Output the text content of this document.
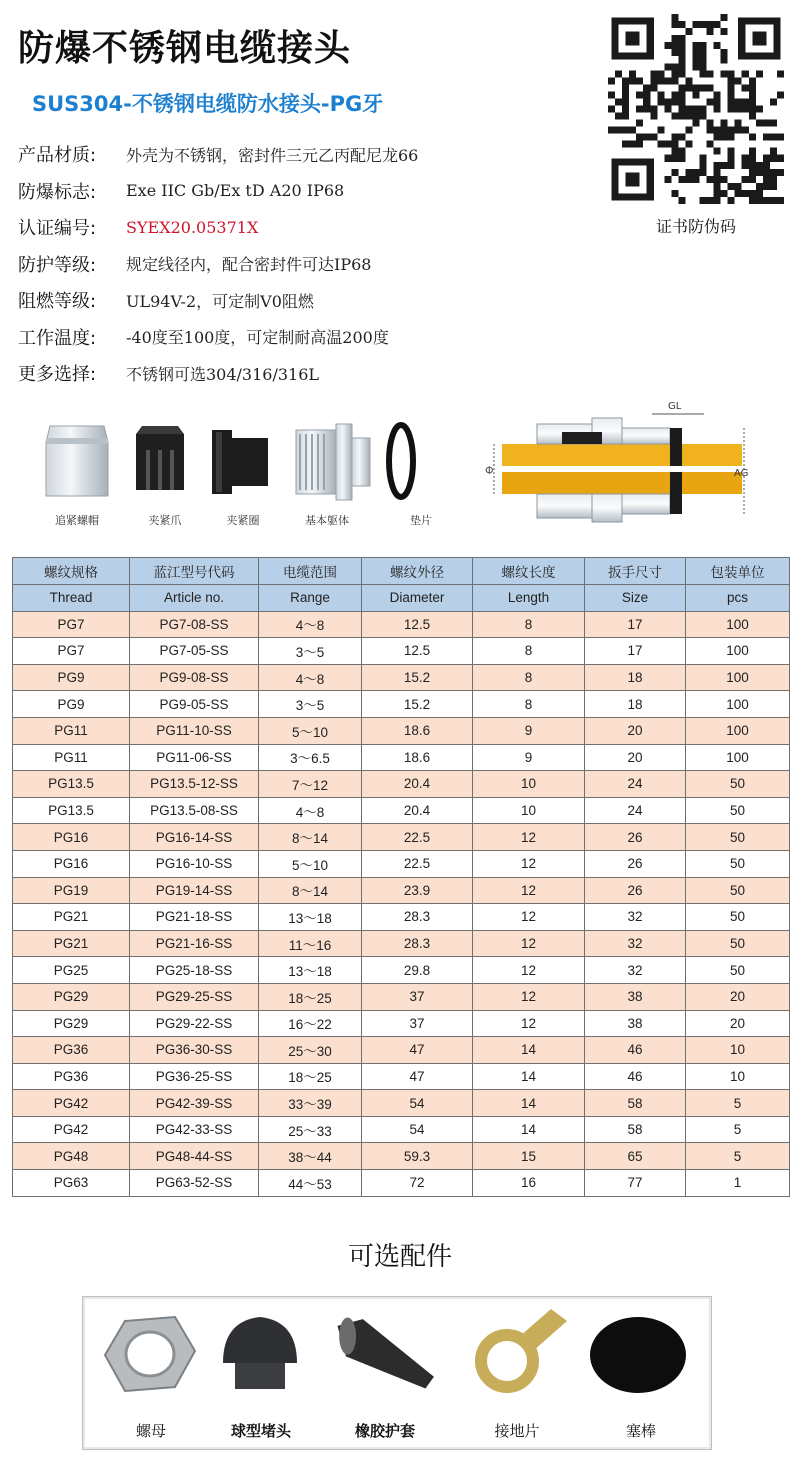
防爆不锈钢电缆接头
SUS304-不锈钢电缆防水接头-PG牙
产品材质:	外壳为不锈钢，密封件三元乙丙配尼龙66
防爆标志:	Exe IIC Gb/Ex tD A20 IP68
认证编号:	SYEX20.05371X
防护等级:	规定线径内，配合密封件可达IP68
阻燃等级:	UL94V-2，可定制V0阻燃
工作温度:	-40度至100度，可定制耐高温200度
更多选择:	不锈钢可选304/316/316L
证书防伪码
追紧螺帽	夹紧爪	夹紧圈	基本躯体	垫片
Φ
GL
AG
螺纹规格	蓝江型号代码	电缆范围	螺纹外径	螺纹长度	扳手尺寸	包装单位
Thread	Article no.	Range	Diameter	Length	Size	pcs
PG7	PG7-08-SS	4～8	12.5	8	17	100
PG7	PG7-05-SS	3～5	12.5	8	17	100
PG9	PG9-08-SS	4～8	15.2	8	18	100
PG9	PG9-05-SS	3～5	15.2	8	18	100
PG11	PG11-10-SS	5～10	18.6	9	20	100
PG11	PG11-06-SS	3～6.5	18.6	9	20	100
PG13.5	PG13.5-12-SS	7～12	20.4	10	24	50
PG13.5	PG13.5-08-SS	4～8	20.4	10	24	50
PG16	PG16-14-SS	8～14	22.5	12	26	50
PG16	PG16-10-SS	5～10	22.5	12	26	50
PG19	PG19-14-SS	8～14	23.9	12	26	50
PG21	PG21-18-SS	13～18	28.3	12	32	50
PG21	PG21-16-SS	11～16	28.3	12	32	50
PG25	PG25-18-SS	13～18	29.8	12	32	50
PG29	PG29-25-SS	18～25	37	12	38	20
PG29	PG29-22-SS	16～22	37	12	38	20
PG36	PG36-30-SS	25～30	47	14	46	10
PG36	PG36-25-SS	18～25	47	14	46	10
PG42	PG42-39-SS	33～39	54	14	58	5
PG42	PG42-33-SS	25～33	54	14	58	5
PG48	PG48-44-SS	38～44	59.3	15	65	5
PG63	PG63-52-SS	44～53	72	16	77	1
可选配件
螺母	球型堵头	橡胶护套	接地片	塞棒
